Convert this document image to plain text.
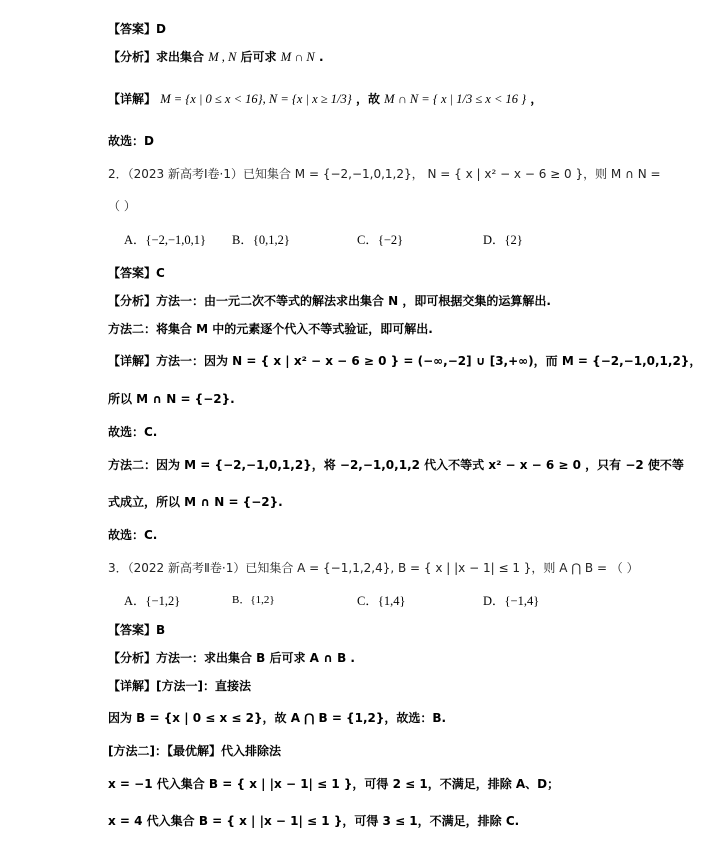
【答案】D
【分析】求出集合 M , N 后可求 M ∩ N .
【详解】 M = {x | 0 ≤ x < 16}, N = {x | x ≥ 1/3} ，故 M ∩ N = { x | 1/3 ≤ x < 16 } ，
故选：D
2．（2023 新高考Ⅰ卷·1）已知集合 M = {−2,−1,0,1,2}， N = { x | x² − x − 6 ≥ 0 }，则 M ∩ N =
（ ）
A．{−2,−1,0,1} B．{0,1,2}	C．{−2}	D．{2}
【答案】C
【分析】方法一：由一元二次不等式的解法求出集合 N ，即可根据交集的运算解出.
方法二：将集合 M 中的元素逐个代入不等式验证，即可解出.
【详解】方法一：因为 N = { x | x² − x − 6 ≥ 0 } = (−∞,−2] ∪ [3,+∞)，而 M = {−2,−1,0,1,2}，
所以 M ∩ N = {−2}.
故选：C.
方法二：因为 M = {−2,−1,0,1,2}，将 −2,−1,0,1,2 代入不等式 x² − x − 6 ≥ 0 ，只有 −2 使不等
式成立，所以 M ∩ N = {−2}.
故选：C.
3．（2022 新高考Ⅱ卷·1）已知集合 A = {−1,1,2,4}, B = { x | |x − 1| ≤ 1 }，则 A ⋂ B = （ ）
A．{−1,2}	B．{1,2}	C．{1,4}	D．{−1,4}
【答案】B
【分析】方法一：求出集合 B 后可求 A ∩ B .
【详解】[方法一]：直接法
因为 B = {x | 0 ≤ x ≤ 2}，故 A ⋂ B = {1,2}，故选：B.
[方法二]：【最优解】代入排除法
x = −1 代入集合 B = { x | |x − 1| ≤ 1 }，可得 2 ≤ 1，不满足，排除 A、D；
x = 4 代入集合 B = { x | |x − 1| ≤ 1 }，可得 3 ≤ 1，不满足，排除 C.
